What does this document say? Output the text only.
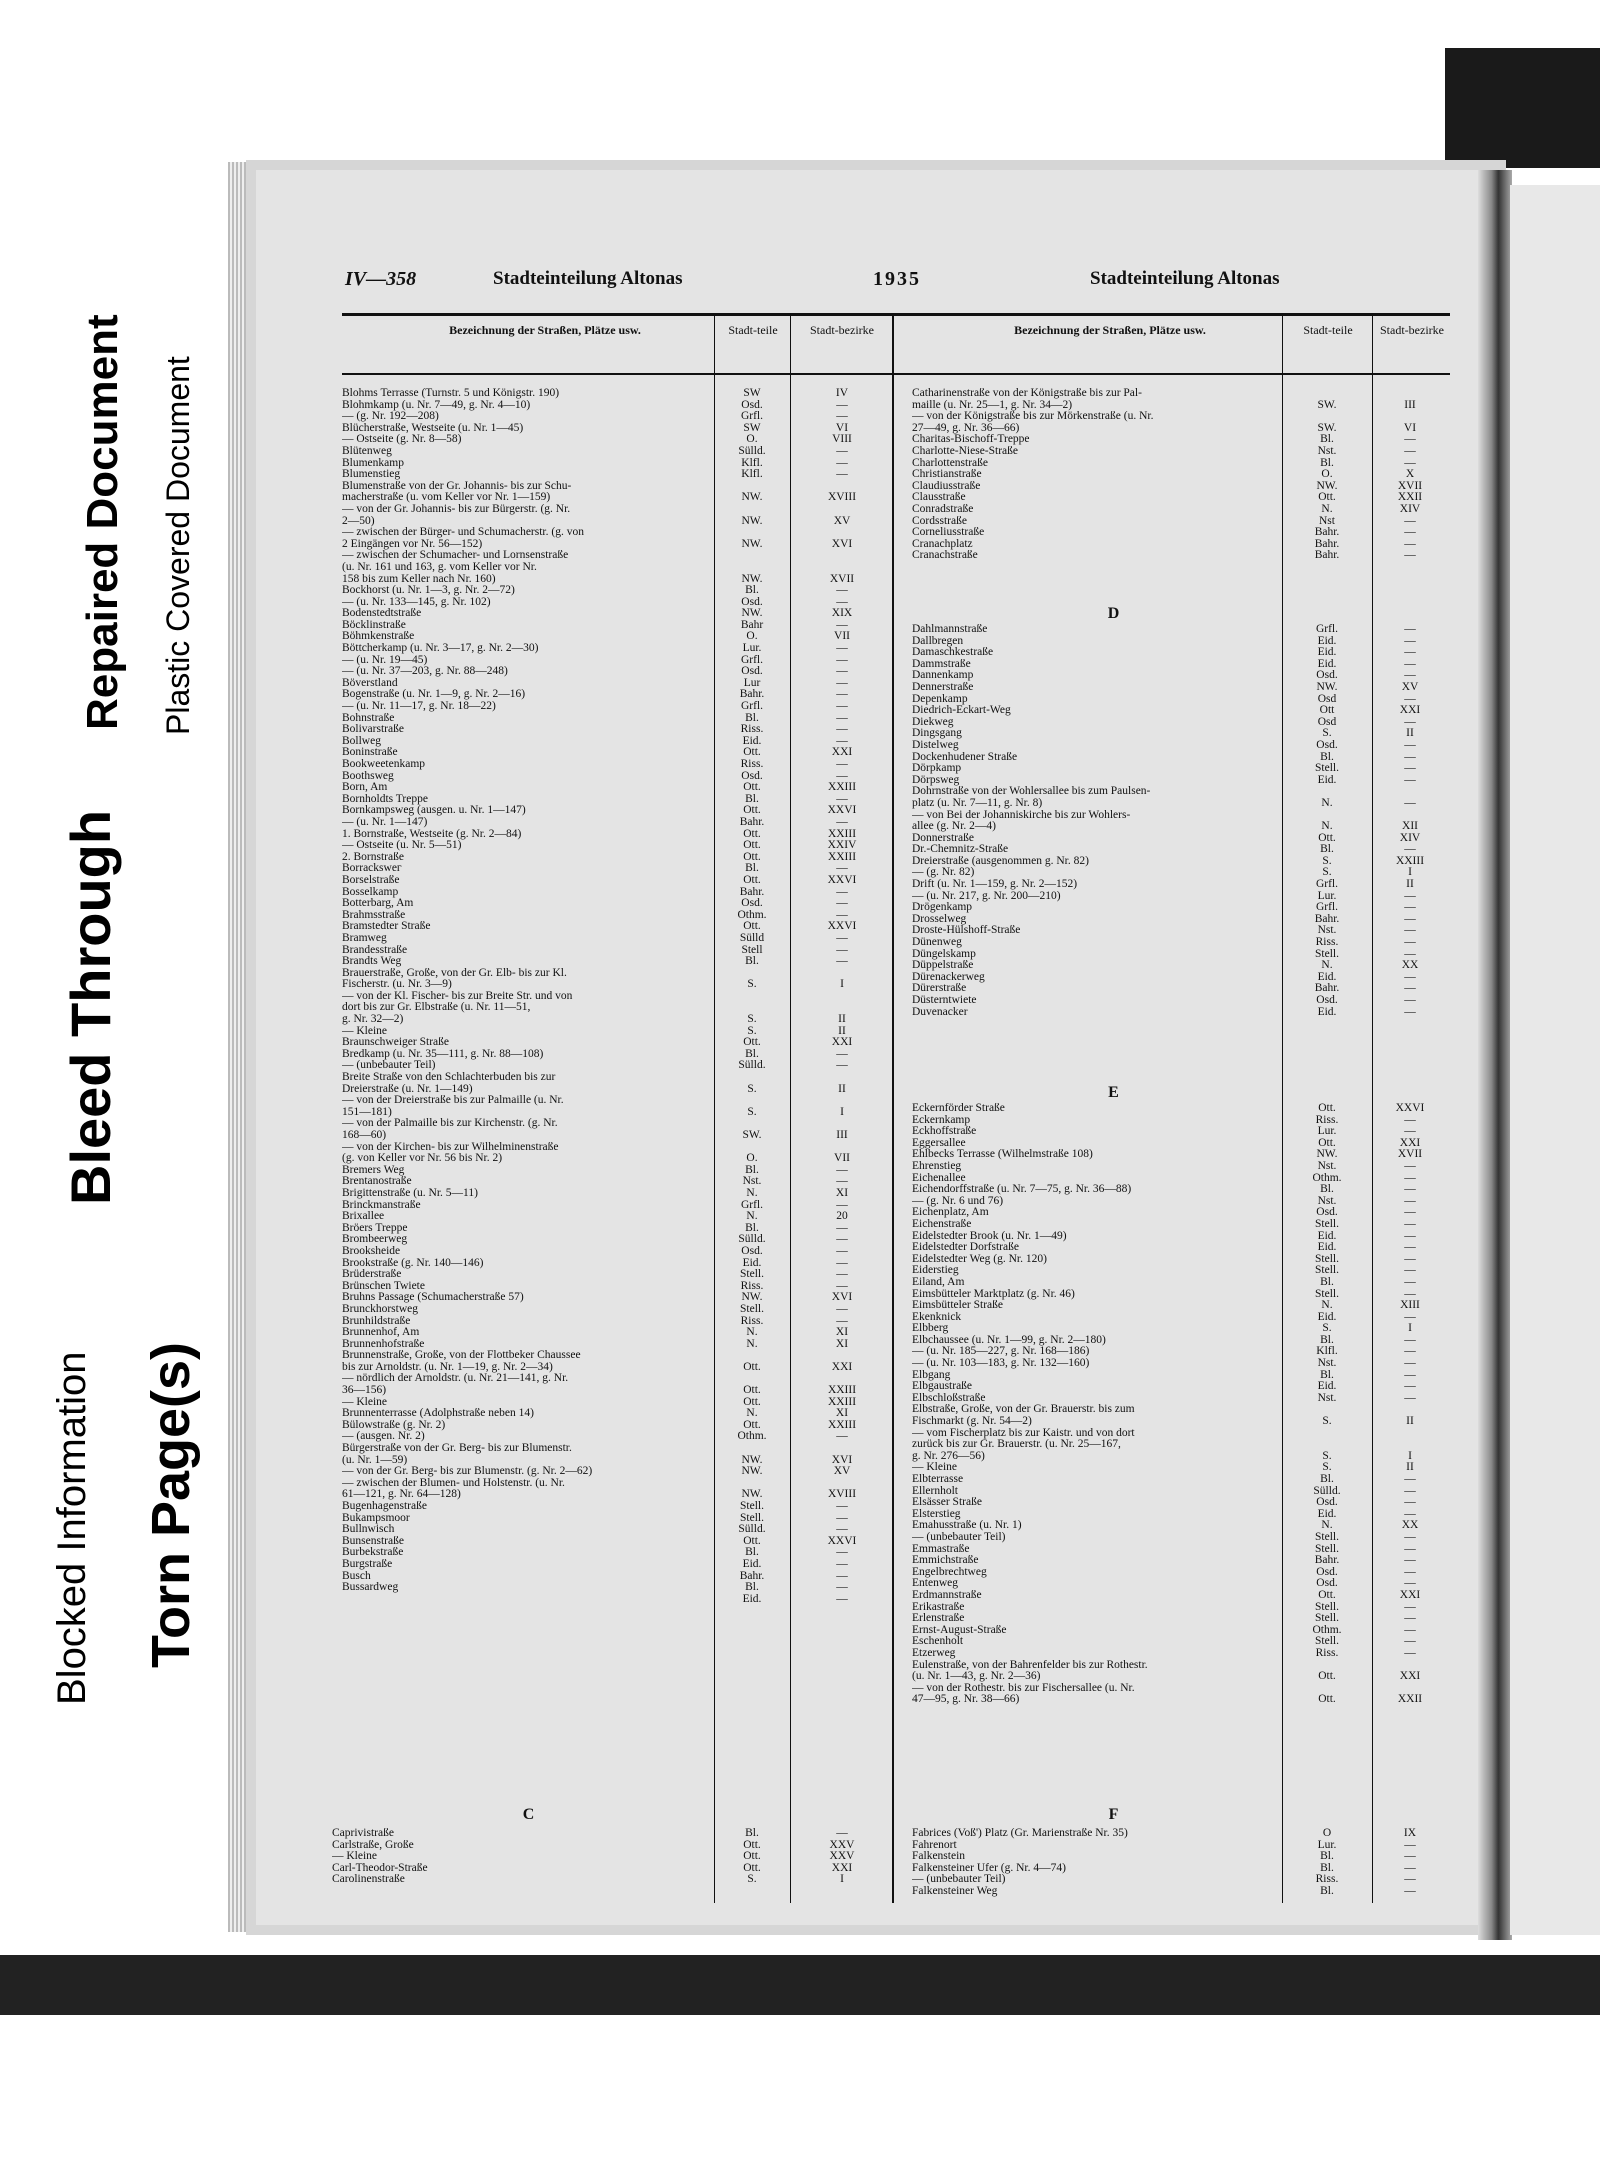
Blocked Information Torn Page(s)
Bleed Through
Repaired Document Plastic Covered Document
IV—358	Stadteinteilung Altonas	1935	Stadteinteilung Altonas
Bezeichnung der Straßen, Plätze usw.	Stadt-teile	Stadt-bezirke	Bezeichnung der Straßen, Plätze usw.	Stadt-teile	Stadt-bezirke
Blohms Terrasse (Turnstr. 5 und Königstr. 190)	SW	IV
Blohmkamp (u. Nr. 7—49, g. Nr. 4—10)	Osd.	—
— (g. Nr. 192—208)	Grfl.	—
Blücherstraße, Westseite (u. Nr. 1—45)	SW	VI
— Ostseite (g. Nr. 8—58)	O.	VIII
Blütenweg	Sülld.	—
Blumenkamp	Klfl.	—
Blumenstieg	Klfl.	—
Blumenstraße von der Gr. Johannis- bis zur Schu-
macherstraße (u. vom Keller vor Nr. 1—159)	NW.	XVIII
— von der Gr. Johannis- bis zur Bürgerstr. (g. Nr.
2—50)	NW.	XV
— zwischen der Bürger- und Schumacherstr. (g. von
2 Eingängen vor Nr. 56—152)	NW.	XVI
— zwischen der Schumacher- und Lornsenstraße
(u. Nr. 161 und 163, g. vom Keller vor Nr.
158 bis zum Keller nach Nr. 160)	NW.	XVII
Bockhorst (u. Nr. 1—3, g. Nr. 2—72)	Bl.	—
— (u. Nr. 133—145, g. Nr. 102)	Osd.	—
Bodenstedtstraße	NW.	XIX
Böcklinstraße	Bahr	—
Böhmkenstraße	O.	VII
Böttcherkamp (u. Nr. 3—17, g. Nr. 2—30)	Lur.	—
— (u. Nr. 19—45)	Grfl.	—
— (u. Nr. 37—203, g. Nr. 88—248)	Osd.	—
Böverstland	Lur	—
Bogenstraße (u. Nr. 1—9, g. Nr. 2—16)	Bahr.	—
— (u. Nr. 11—17, g. Nr. 18—22)	Grfl.	—
Bohnstraße	Bl.	—
Bolivarstraße	Riss.	—
Bollweg	Eid.	—
Boninstraße	Ott.	XXI
Bookweetenkamp	Riss.	—
Boothsweg	Osd.	—
Born, Am	Ott.	XXIII
Bornholdts Treppe	Bl.	—
Bornkampsweg (ausgen. u. Nr. 1—147)	Ott.	XXVI
— (u. Nr. 1—147)	Bahr.	—
1. Bornstraße, Westseite (g. Nr. 2—84)	Ott.	XXIII
— Ostseite (u. Nr. 5—51)	Ott.	XXIV
2. Bornstraße	Ott.	XXIII
Borrackswег	Bl.	—
Borselstraße	Ott.	XXVI
Bosselkamp	Bahr.	—
Botterbarg, Am	Osd.	—
Brahmsstraße	Othm.	—
Bramstedter Straße	Ott.	XXVI
Bramweg	Sülld	—
Brandesstraße	Stell	—
Brandts Weg	Bl.	—
Brauerstraße, Große, von der Gr. Elb- bis zur Kl.
Fischerstr. (u. Nr. 3—9)	S.	I
— von der Kl. Fischer- bis zur Breite Str. und von
dort bis zur Gr. Elbstraße (u. Nr. 11—51,
g. Nr. 32—2)	S.	II
— Kleine	S.	II
Braunschweiger Straße	Ott.	XXI
Bredkamp (u. Nr. 35—111, g. Nr. 88—108)	Bl.	—
— (unbebauter Teil)	Sülld.	—
Breite Straße von den Schlachterbuden bis zur
Dreierstraße (u. Nr. 1—149)	S.	II
— von der Dreierstraße bis zur Palmaille (u. Nr.
151—181)	S.	I
— von der Palmaille bis zur Kirchenstr. (g. Nr.
168—60)	SW.	III
— von der Kirchen- bis zur Wilhelminenstraße
(g. von Keller vor Nr. 56 bis Nr. 2)	O.	VII
Bremers Weg	Bl.	—
Brentanostraße	Nst.	—
Brigittenstraße (u. Nr. 5—11)	N.	XI
Brinckmanstraße	Grfl.	—
Brixallee	N.	20
Bröers Treppe	Bl.	—
Brombeerweg	Sülld.	—
Brooksheide	Osd.	—
Brookstraße (g. Nr. 140—146)	Eid.	—
Brüderstraße	Stell.	—
Brünschen Twiete	Riss.	—
Bruhns Passage (Schumacherstraße 57)	NW.	XVI
Brunckhorstweg	Stell.	—
Brunhildstraße	Riss.	—
Brunnenhof, Am	N.	XI
Brunnenhofstraße	N.	XI
Brunnenstraße, Große, von der Flottbeker Chaussee
bis zur Arnoldstr. (u. Nr. 1—19, g. Nr. 2—34)	Ott.	XXI
— nördlich der Arnoldstr. (u. Nr. 21—141, g. Nr.
36—156)	Ott.	XXIII
— Kleine	Ott.	XXIII
Brunnenterrasse (Adolphstraße neben 14)	N.	XI
Bülowstraße (g. Nr. 2)	Ott.	XXIII
— (ausgen. Nr. 2)	Othm.	—
Bürgerstraße von der Gr. Berg- bis zur Blumenstr.
(u. Nr. 1—59)	NW.	XVI
— von der Gr. Berg- bis zur Blumenstr. (g. Nr. 2—62)	NW.	XV
— zwischen der Blumen- und Holstenstr. (u. Nr.
61—121, g. Nr. 64—128)	NW.	XVIII
Bugenhagenstraße	Stell.	—
Bukampsmoor	Stell.	—
Bullnwisch	Sülld.	—
Bunsenstraße	Ott.	XXVI
Burbekstraße	Bl.	—
Burgstraße	Eid.	—
Busch	Bahr.	—
Bussardweg	Bl.	—
Eid.	—
C
Caprivistraße	Bl.	—
Carlstraße, Große	Ott.	XXV
— Kleine	Ott.	XXV
Carl-Theodor-Straße	Ott.	XXI
Carolinenstraße	S.	I
Catharinenstraße von der Königstraße bis zur Pal-
maille (u. Nr. 25—1, g. Nr. 34—2)	SW.	III
— von der Königstraße bis zur Mörkenstraße (u. Nr.
27—49, g. Nr. 36—66)	SW.	VI
Charitas-Bischoff-Treppe	Bl.	—
Charlotte-Niese-Straße	Nst.	—
Charlottenstraße	Bl.	—
Christianstraße	O.	X
Claudiusstraße	NW.	XVII
Clausstraße	Ott.	XXII
Conradstraße	N.	XIV
Cordsstraße	Nst	—
Corneliusstraße	Bahr.	—
Cranachplatz	Bahr.	—
Cranachstraße	Bahr.	—
D
Dahlmannstraße	Grfl.	—
Dallbregen	Eid.	—
Damaschkestraße	Eid.	—
Dammstraße	Eid.	—
Dannenkamp	Osd.	—
Dennerstraße	NW.	XV
Depenkamp	Osd	—
Diedrich-Eckart-Weg	Ott	XXI
Diekweg	Osd	—
Dingsgang	S.	II
Distelweg	Osd.	—
Dockenhudener Straße	Bl.	—
Dörpkamp	Stell.	—
Dörpsweg	Eid.	—
Dohrnstraße von der Wohlersallee bis zum Paulsen-
platz (u. Nr. 7—11, g. Nr. 8)	N.	—
— von Bei der Johanniskirche bis zur Wohlers-
allee (g. Nr. 2—4)	N.	XII
Donnerstraße	Ott.	XIV
Dr.-Chemnitz-Straße	Bl.	—
Dreierstraße (ausgenommen g. Nr. 82)	S.	XXIII
— (g. Nr. 82)	S.	I
Drift (u. Nr. 1—159, g. Nr. 2—152)	Grfl.	II
— (u. Nr. 217, g. Nr. 200—210)	Lur.	—
Drögenkamp	Grfl.	—
Drosselweg	Bahr.	—
Droste-Hülshoff-Straße	Nst.	—
Dünenweg	Riss.	—
Düngelskamp	Stell.	—
Düppelstraße	N.	XX
Dürenackerweg	Eid.	—
Dürerstraße	Bahr.	—
Düsterntwiete	Osd.	—
Duvenacker	Eid.	—
E
Eckernförder Straße	Ott.	XXVI
Eckernkamp	Riss.	—
Eckhoffstraße	Lur.	—
Eggersallee	Ott.	XXI
Ehlbecks Terrasse (Wilhelmstraße 108)	NW.	XVII
Ehrenstieg	Nst.	—
Eichenallee	Othm.	—
Eichendorffstraße (u. Nr. 7—75, g. Nr. 36—88)	Bl.	—
— (g. Nr. 6 und 76)	Nst.	—
Eichenplatz, Am	Osd.	—
Eichenstraße	Stell.	—
Eidelstedter Brook (u. Nr. 1—49)	Eid.	—
Eidelstedter Dorfstraße	Eid.	—
Eidelstedter Weg (g. Nr. 120)	Stell.	—
Eiderstieg	Stell.	—
Eiland, Am	Bl.	—
Eimsbütteler Marktplatz (g. Nr. 46)	Stell.	—
Eimsbütteler Straße	N.	XIII
Ekenknick	Eid.	—
Elbberg	S.	I
Elbchaussee (u. Nr. 1—99, g. Nr. 2—180)	Bl.	—
— (u. Nr. 185—227, g. Nr. 168—186)	Klfl.	—
— (u. Nr. 103—183, g. Nr. 132—160)	Nst.	—
Elbgang	Bl.	—
Elbgaustraße	Eid.	—
Elbschloßstraße	Nst.	—
Elbstraße, Große, von der Gr. Brauerstr. bis zum
Fischmarkt (g. Nr. 54—2)	S.	II
— vom Fischerplatz bis zur Kaistr. und von dort
zurück bis zur Gr. Brauerstr. (u. Nr. 25—167,
g. Nr. 276—56)	S.	I
— Kleine	S.	II
Elbterrasse	Bl.	—
Ellernholt	Sülld.	—
Elsässer Straße	Osd.	—
Elsterstieg	Eid.	—
Emahusstraße (u. Nr. 1)	N.	XX
— (unbebauter Teil)	Stell.	—
Emmastraße	Stell.	—
Emmichstraße	Bahr.	—
Engelbrechtweg	Osd.	—
Entenweg	Osd.	—
Erdmannstraße	Ott.	XXI
Erikastraße	Stell.	—
Erlenstraße	Stell.	—
Ernst-August-Straße	Othm.	—
Eschenholt	Stell.	—
Etzerweg	Riss.	—
Eulenstraße, von der Bahrenfelder bis zur Rothestr.
(u. Nr. 1—43, g. Nr. 2—36)	Ott.	XXI
— von der Rothestr. bis zur Fischersallee (u. Nr.
47—95, g. Nr. 38—66)	Ott.	XXII
F
Fabrices (Voß') Platz (Gr. Marienstraße Nr. 35)	O	IX
Fahrenort	Lur.	—
Falkenstein	Bl.	—
Falkensteiner Ufer (g. Nr. 4—74)	Bl.	—
— (unbebauter Teil)	Riss.	—
Falkensteiner Weg	Bl.	—
